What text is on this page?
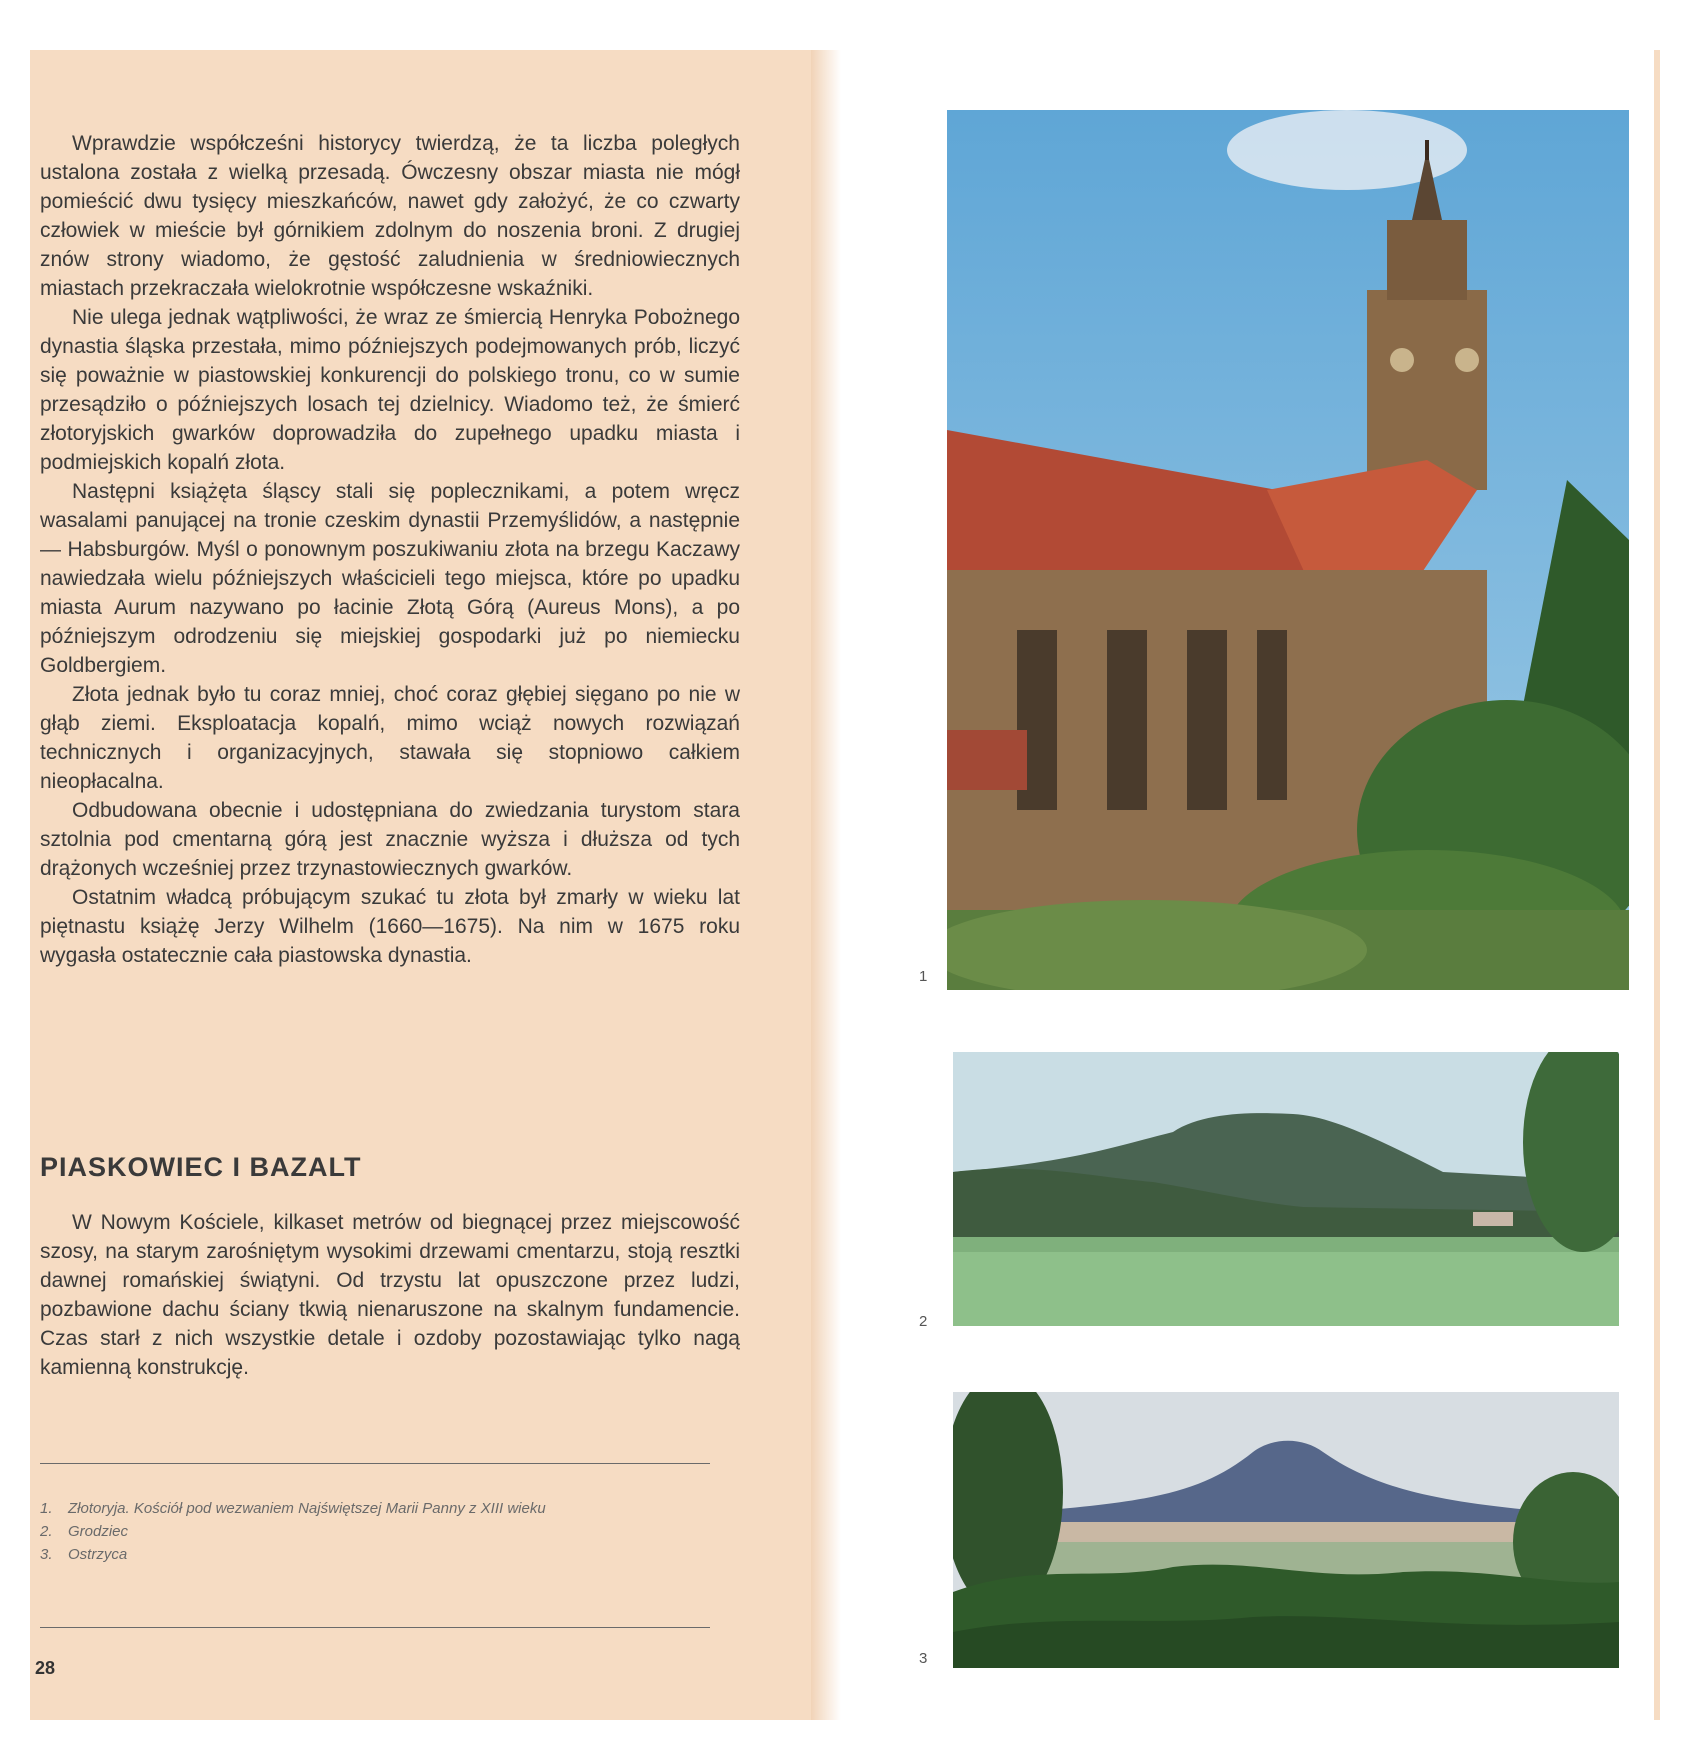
Wprawdzie współcześni historycy twierdzą, że ta liczba poległych ustalona została z wielką przesadą. Ówczesny obszar miasta nie mógł pomieścić dwu tysięcy mieszkańców, nawet gdy założyć, że co czwarty człowiek w mieście był górnikiem zdolnym do noszenia broni. Z drugiej znów strony wiadomo, że gęstość zaludnienia w średniowiecznych miastach przekraczała wielokrotnie współczesne wskaźniki.

Nie ulega jednak wątpliwości, że wraz ze śmiercią Henryka Pobożnego dynastia śląska przestała, mimo późniejszych podejmowanych prób, liczyć się poważnie w piastowskiej konkurencji do polskiego tronu, co w sumie przesądziło o późniejszych losach tej dzielnicy. Wiadomo też, że śmierć złotoryjskich gwarków doprowadziła do zupełnego upadku miasta i podmiejskich kopalń złota.

Następni książęta śląscy stali się poplecznikami, a potem wręcz wasalami panującej na tronie czeskim dynastii Przemyślidów, a następnie — Habsburgów. Myśl o ponownym poszukiwaniu złota na brzegu Kaczawy nawiedzała wielu późniejszych właścicieli tego miejsca, które po upadku miasta Aurum nazywano po łacinie Złotą Górą (Aureus Mons), a po późniejszym odrodzeniu się miejskiej gospodarki już po niemiecku Goldbergiem.

Złota jednak było tu coraz mniej, choć coraz głębiej sięgano po nie w głąb ziemi. Eksploatacja kopalń, mimo wciąż nowych rozwiązań technicznych i organizacyjnych, stawała się stopniowo całkiem nieopłacalna.

Odbudowana obecnie i udostępniana do zwiedzania turystom stara sztolnia pod cmentarną górą jest znacznie wyższa i dłuższa od tych drążonych wcześniej przez trzynastowiecznych gwarków.

Ostatnim władcą próbującym szukać tu złota był zmarły w wieku lat piętnastu książę Jerzy Wilhelm (1660—1675). Na nim w 1675 roku wygasła ostatecznie cała piastowska dynastia.

PIASKOWIEC I BAZALT

W Nowym Kościele, kilkaset metrów od biegnącej przez miejscowość szosy, na starym zarośniętym wysokimi drzewami cmentarzu, stoją resztki dawnej romańskiej świątyni. Od trzystu lat opuszczone przez ludzi, pozbawione dachu ściany tkwią nienaruszone na skalnym fundamencie. Czas starł z nich wszystkie detale i ozdoby pozostawiając tylko nagą kamienną konstrukcję.

1. Złotoryja. Kościół pod wezwaniem Najświętszej Marii Panny z XIII wieku
2. Grodziec
3. Ostrzyca
28
1
2
3
